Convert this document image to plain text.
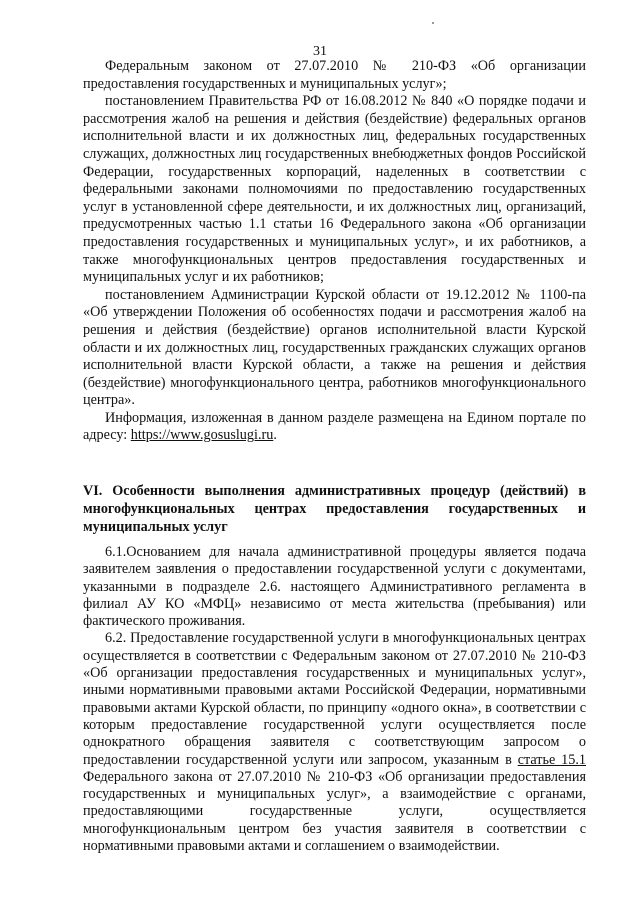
31

Федеральным законом от 27.07.2010 № 210-ФЗ «Об организации предоставления государственных и муниципальных услуг»;

постановлением Правительства РФ от 16.08.2012 № 840 «О порядке подачи и рассмотрения жалоб на решения и действия (бездействие) федеральных органов исполнительной власти и их должностных лиц, федеральных государственных служащих, должностных лиц государственных внебюджетных фондов Российской Федерации, государственных корпораций, наделенных в соответствии с федеральными законами полномочиями по предоставлению государственных услуг в установленной сфере деятельности, и их должностных лиц, организаций, предусмотренных частью 1.1 статьи 16 Федерального закона «Об организации предоставления государственных и муниципальных услуг», и их работников, а также многофункциональных центров предоставления государственных и муниципальных услуг и их работников;

постановлением Администрации Курской области от 19.12.2012 № 1100-па «Об утверждении Положения об особенностях подачи и рассмотрения жалоб на решения и действия (бездействие) органов исполнительной власти Курской области и их должностных лиц, государственных гражданских служащих органов исполнительной власти Курской области, а также на решения и действия (бездействие) многофункционального центра, работников многофункционального центра».

Информация, изложенная в данном разделе размещена на Едином портале по адресу: https://www.gosuslugi.ru.

VI. Особенности выполнения административных процедур (действий) в многофункциональных центрах предоставления государственных и муниципальных услуг

6.1.Основанием для начала административной процедуры является подача заявителем заявления о предоставлении государственной услуги с документами, указанными в подразделе 2.6. настоящего Административного регламента в филиал АУ КО «МФЦ» независимо от места жительства (пребывания) или фактического проживания.

6.2. Предоставление государственной услуги в многофункциональных центрах осуществляется в соответствии с Федеральным законом от 27.07.2010 № 210-ФЗ «Об организации предоставления государственных и муниципальных услуг», иными нормативными правовыми актами Российской Федерации, нормативными правовыми актами Курской области, по принципу «одного окна», в соответствии с которым предоставление государственной услуги осуществляется после однократного обращения заявителя с соответствующим запросом о предоставлении государственной услуги или запросом, указанным в статье 15.1 Федерального закона от 27.07.2010 № 210-ФЗ «Об организации предоставления государственных и муниципальных услуг», а взаимодействие с органами, предоставляющими государственные услуги, осуществляется многофункциональным центром без участия заявителя в соответствии с нормативными правовыми актами и соглашением о взаимодействии.
